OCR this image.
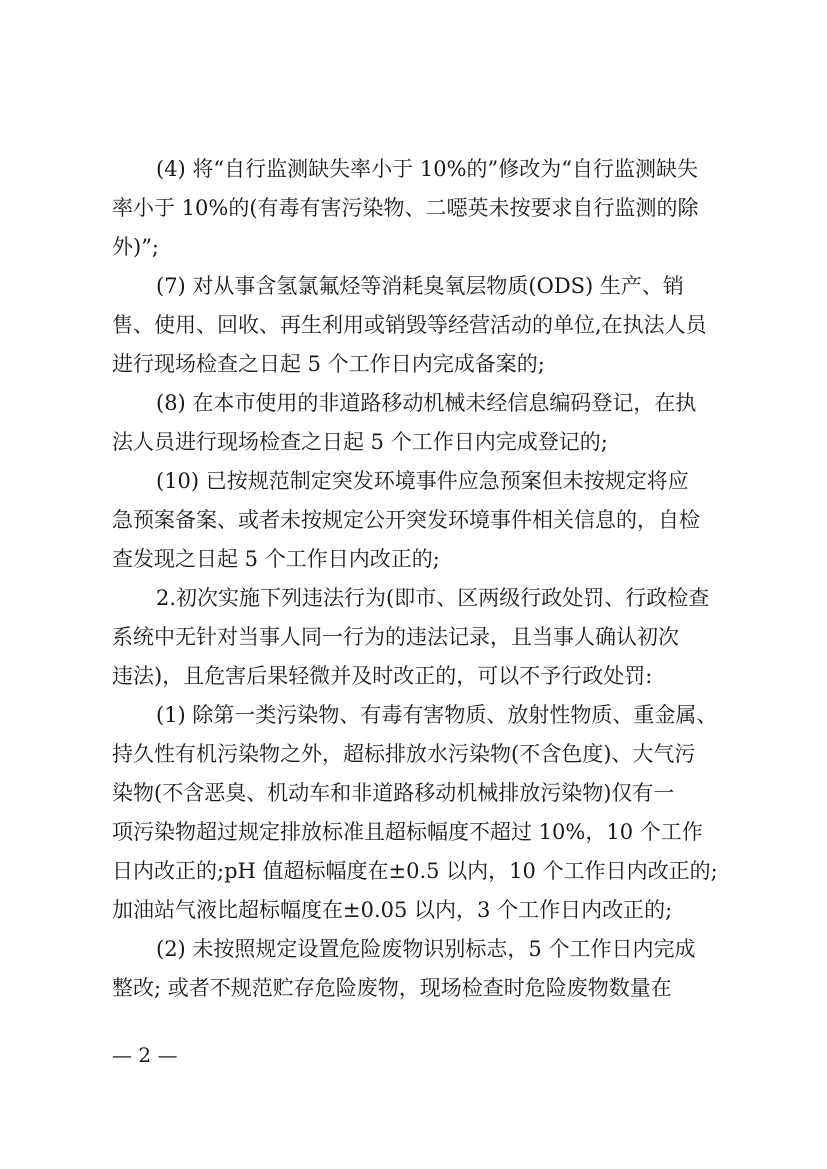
(4) 将“自行监测缺失率小于 10%的”修改为“自行监测缺失
率小于 10%的(有毒有害污染物、二噁英未按要求自行监测的除
外)”;
(7) 对从事含氢氯氟烃等消耗臭氧层物质(ODS) 生产、销
售、使用、回收、再生利用或销毁等经营活动的单位,在执法人员
进行现场检查之日起 5 个工作日内完成备案的;
(8) 在本市使用的非道路移动机械未经信息编码登记，在执
法人员进行现场检查之日起 5 个工作日内完成登记的;
(10) 已按规范制定突发环境事件应急预案但未按规定将应
急预案备案、或者未按规定公开突发环境事件相关信息的，自检
查发现之日起 5 个工作日内改正的;
2.初次实施下列违法行为(即市、区两级行政处罚、行政检查
系统中无针对当事人同一行为的违法记录，且当事人确认初次
违法)，且危害后果轻微并及时改正的，可以不予行政处罚:
(1) 除第一类污染物、有毒有害物质、放射性物质、重金属、
持久性有机污染物之外，超标排放水污染物(不含色度)、大气污
染物(不含恶臭、机动车和非道路移动机械排放污染物)仅有一
项污染物超过规定排放标准且超标幅度不超过 10%，10 个工作
日内改正的;pH 值超标幅度在±0.5 以内，10 个工作日内改正的;
加油站气液比超标幅度在±0.05 以内，3 个工作日内改正的;
(2) 未按照规定设置危险废物识别标志，5 个工作日内完成
整改; 或者不规范贮存危险废物，现场检查时危险废物数量在
— 2 —
